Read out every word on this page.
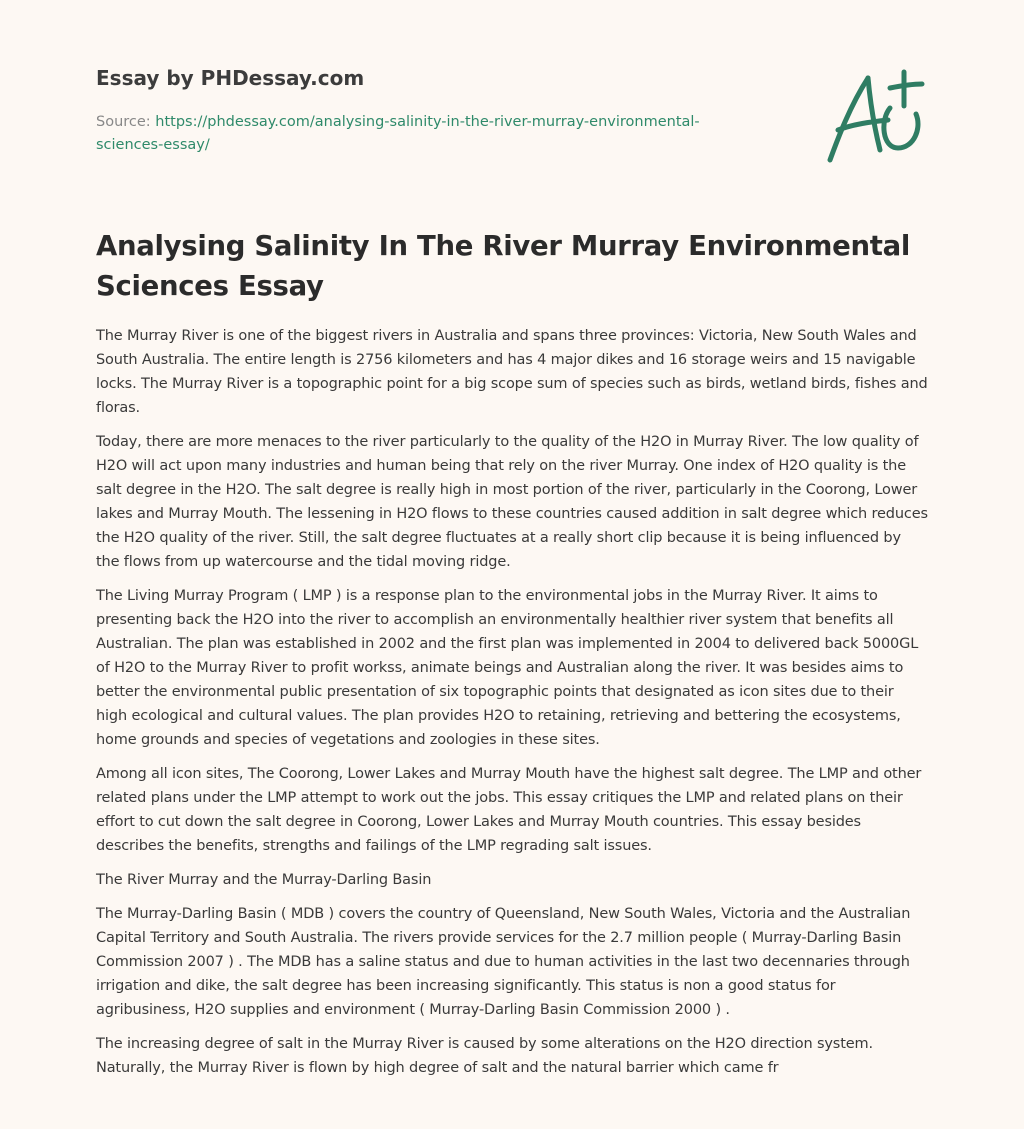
Essay by PHDessay.com
Source: https://phdessay.com/analysing-salinity-in-the-river-murray-environmental-sciences-essay/
Analysing Salinity In The River Murray Environmental Sciences Essay

The Murray River is one of the biggest rivers in Australia and spans three provinces: Victoria, New South Wales and South Australia. The entire length is 2756 kilometers and has 4 major dikes and 16 storage weirs and 15 navigable locks. The Murray River is a topographic point for a big scope sum of species such as birds, wetland birds, fishes and floras.

Today, there are more menaces to the river particularly to the quality of the H2O in Murray River. The low quality of H2O will act upon many industries and human being that rely on the river Murray. One index of H2O quality is the salt degree in the H2O. The salt degree is really high in most portion of the river, particularly in the Coorong, Lower lakes and Murray Mouth. The lessening in H2O flows to these countries caused addition in salt degree which reduces the H2O quality of the river. Still, the salt degree fluctuates at a really short clip because it is being influenced by the flows from up watercourse and the tidal moving ridge.

The Living Murray Program ( LMP ) is a response plan to the environmental jobs in the Murray River. It aims to presenting back the H2O into the river to accomplish an environmentally healthier river system that benefits all Australian. The plan was established in 2002 and the first plan was implemented in 2004 to delivered back 5000GL of H2O to the Murray River to profit workss, animate beings and Australian along the river. It was besides aims to better the environmental public presentation of six topographic points that designated as icon sites due to their high ecological and cultural values. The plan provides H2O to retaining, retrieving and bettering the ecosystems, home grounds and species of vegetations and zoologies in these sites.

Among all icon sites, The Coorong, Lower Lakes and Murray Mouth have the highest salt degree. The LMP and other related plans under the LMP attempt to work out the jobs. This essay critiques the LMP and related plans on their effort to cut down the salt degree in Coorong, Lower Lakes and Murray Mouth countries. This essay besides describes the benefits, strengths and failings of the LMP regrading salt issues.

The River Murray and the Murray-Darling Basin

The Murray-Darling Basin ( MDB ) covers the country of Queensland, New South Wales, Victoria and the Australian Capital Territory and South Australia. The rivers provide services for the 2.7 million people ( Murray-Darling Basin Commission 2007 ) . The MDB has a saline status and due to human activities in the last two decennaries through irrigation and dike, the salt degree has been increasing significantly. This status is non a good status for agribusiness, H2O supplies and environment ( Murray-Darling Basin Commission 2000 ) .

The increasing degree of salt in the Murray River is caused by some alterations on the H2O direction system. Naturally, the Murray River is flown by high degree of salt and the natural barrier which came fr
